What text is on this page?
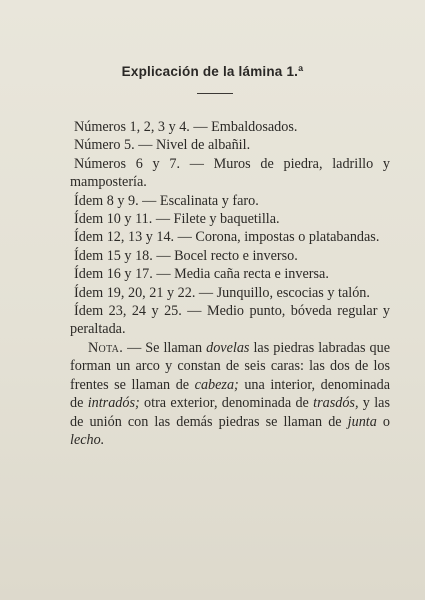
Explicación de la lámina 1.ª

Números 1, 2, 3 y 4. — Embaldosados.

Número 5. — Nivel de albañil.

Números 6 y 7. — Muros de piedra, ladrillo y mampostería.

Ídem 8 y 9. — Escalinata y faro.

Ídem 10 y 11. — Filete y baquetilla.

Ídem 12, 13 y 14. — Corona, impostas o platabandas.

Ídem 15 y 18. — Bocel recto e inverso.

Ídem 16 y 17. — Media caña recta e inversa.

Ídem 19, 20, 21 y 22. — Junquillo, escocias y talón.

Ídem 23, 24 y 25. — Medio punto, bóveda regular y peraltada.

Nota. — Se llaman dovelas las piedras labradas que forman un arco y constan de seis caras: las dos de los frentes se llaman de cabeza; una interior, denominada de intradós; otra exterior, denominada de trasdós, y las de unión con las demás piedras se llaman de junta o lecho.
